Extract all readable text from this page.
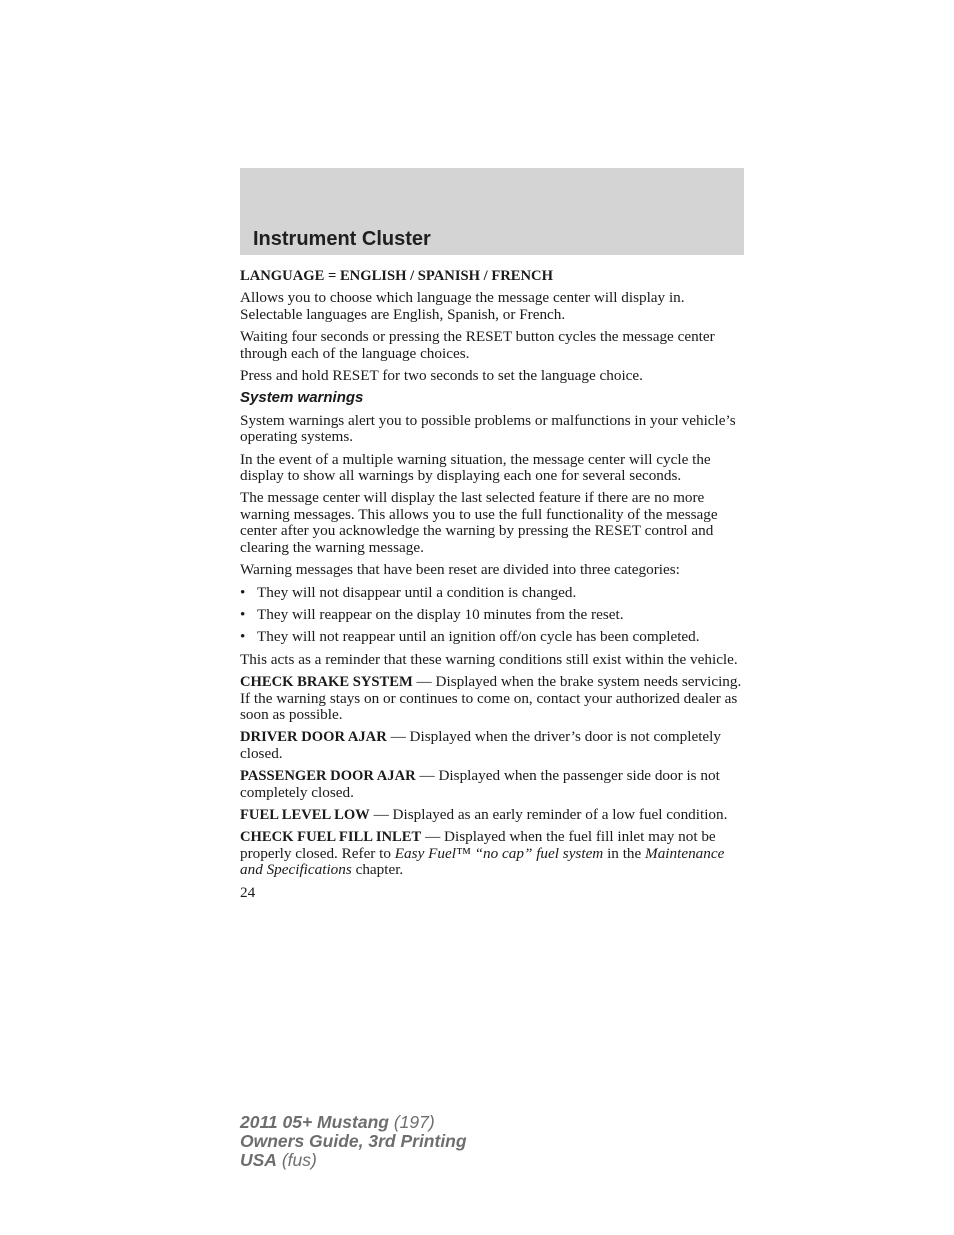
Instrument Cluster

LANGUAGE = ENGLISH / SPANISH / FRENCH

Allows you to choose which language the message center will display in. Selectable languages are English, Spanish, or French.

Waiting four seconds or pressing the RESET button cycles the message center through each of the language choices.

Press and hold RESET for two seconds to set the language choice.

System warnings

System warnings alert you to possible problems or malfunctions in your vehicle’s operating systems.

In the event of a multiple warning situation, the message center will cycle the display to show all warnings by displaying each one for several seconds.

The message center will display the last selected feature if there are no more warning messages. This allows you to use the full functionality of the message center after you acknowledge the warning by pressing the RESET control and clearing the warning message.

Warning messages that have been reset are divided into three categories:

• They will not disappear until a condition is changed.
• They will reappear on the display 10 minutes from the reset.
• They will not reappear until an ignition off/on cycle has been completed.

This acts as a reminder that these warning conditions still exist within the vehicle.

CHECK BRAKE SYSTEM — Displayed when the brake system needs servicing. If the warning stays on or continues to come on, contact your authorized dealer as soon as possible.

DRIVER DOOR AJAR — Displayed when the driver’s door is not completely closed.

PASSENGER DOOR AJAR — Displayed when the passenger side door is not completely closed.

FUEL LEVEL LOW — Displayed as an early reminder of a low fuel condition.

CHECK FUEL FILL INLET — Displayed when the fuel fill inlet may not be properly closed. Refer to Easy Fuel™ “no cap” fuel system in the Maintenance and Specifications chapter.

24

2011 05+ Mustang (197)
Owners Guide, 3rd Printing
USA (fus)
